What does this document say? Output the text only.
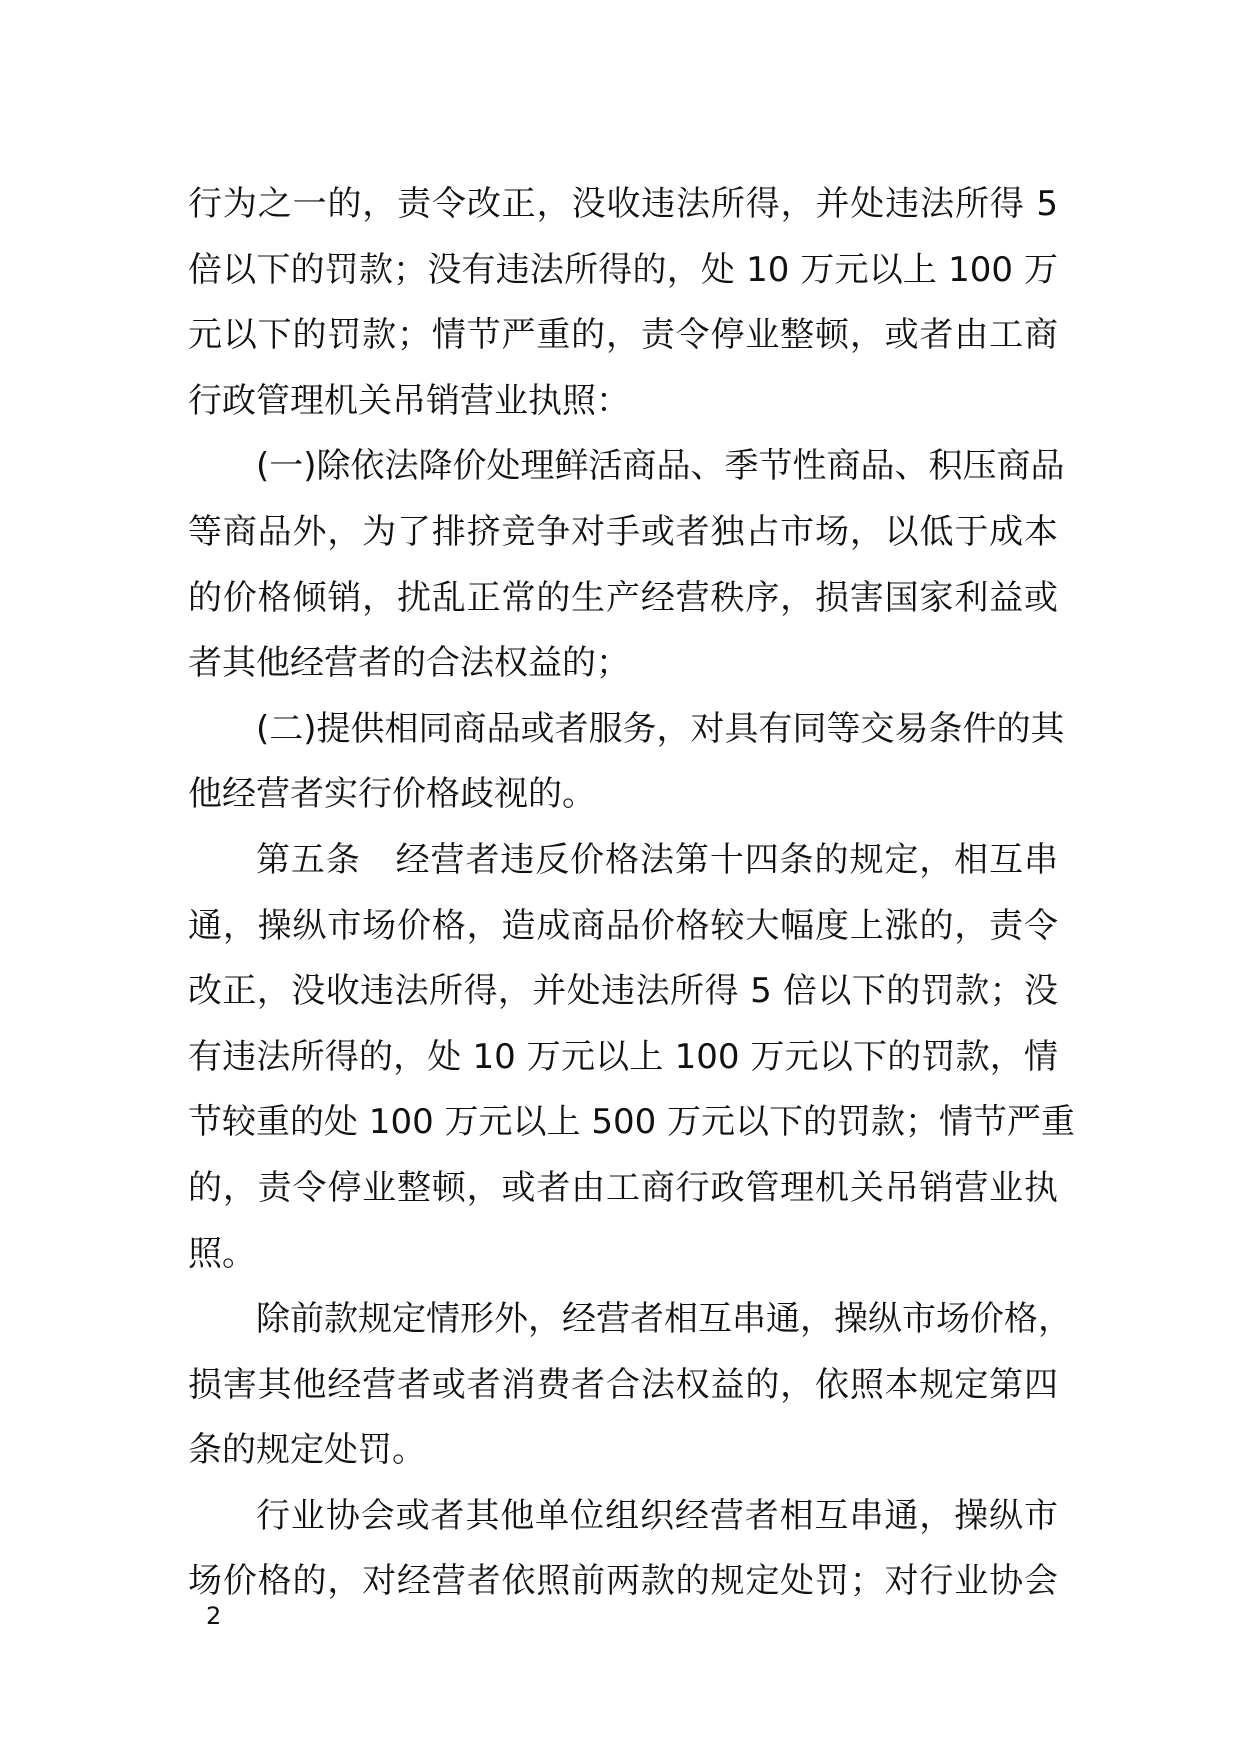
行为之一的，责令改正，没收违法所得，并处违法所得 5
倍以下的罚款；没有违法所得的，处 10 万元以上 100 万
元以下的罚款；情节严重的，责令停业整顿，或者由工商
行政管理机关吊销营业执照：
(一)除依法降价处理鲜活商品、季节性商品、积压商品
等商品外，为了排挤竞争对手或者独占市场，以低于成本
的价格倾销，扰乱正常的生产经营秩序，损害国家利益或
者其他经营者的合法权益的；
(二)提供相同商品或者服务，对具有同等交易条件的其
他经营者实行价格歧视的。
第五条　经营者违反价格法第十四条的规定，相互串
通，操纵市场价格，造成商品价格较大幅度上涨的，责令
改正，没收违法所得，并处违法所得 5 倍以下的罚款；没
有违法所得的，处 10 万元以上 100 万元以下的罚款，情
节较重的处 100 万元以上 500 万元以下的罚款；情节严重
的，责令停业整顿，或者由工商行政管理机关吊销营业执
照。
除前款规定情形外，经营者相互串通，操纵市场价格，
损害其他经营者或者消费者合法权益的，依照本规定第四
条的规定处罚。
行业协会或者其他单位组织经营者相互串通，操纵市
场价格的，对经营者依照前两款的规定处罚；对行业协会
2
